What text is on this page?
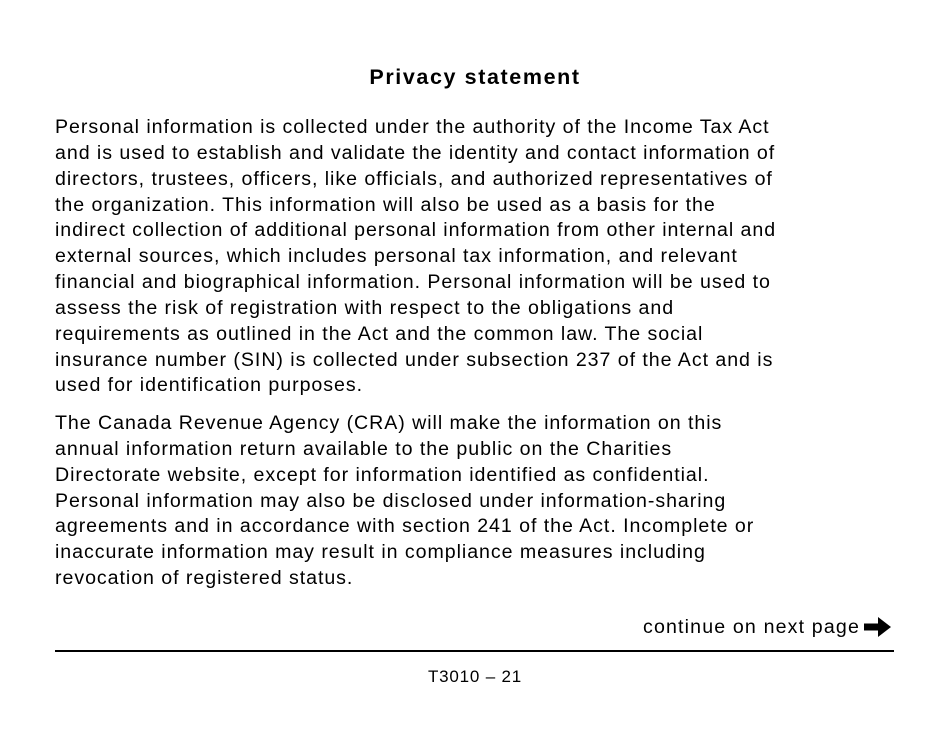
Privacy statement
Personal information is collected under the authority of the Income Tax Act
and is used to establish and validate the identity and contact information of
directors, trustees, officers, like officials, and authorized representatives of
the organization. This information will also be used as a basis for the
indirect collection of additional personal information from other internal and
external sources, which includes personal tax information, and relevant
financial and biographical information. Personal information will be used to
assess the risk of registration with respect to the obligations and
requirements as outlined in the Act and the common law. The social
insurance number (SIN) is collected under subsection 237 of the Act and is
used for identification purposes.
The Canada Revenue Agency (CRA) will make the information on this
annual information return available to the public on the Charities
Directorate website, except for information identified as confidential.
Personal information may also be disclosed under information-sharing
agreements and in accordance with section 241 of the Act. Incomplete or
inaccurate information may result in compliance measures including
revocation of registered status.
continue on next page
T3010 – 21
